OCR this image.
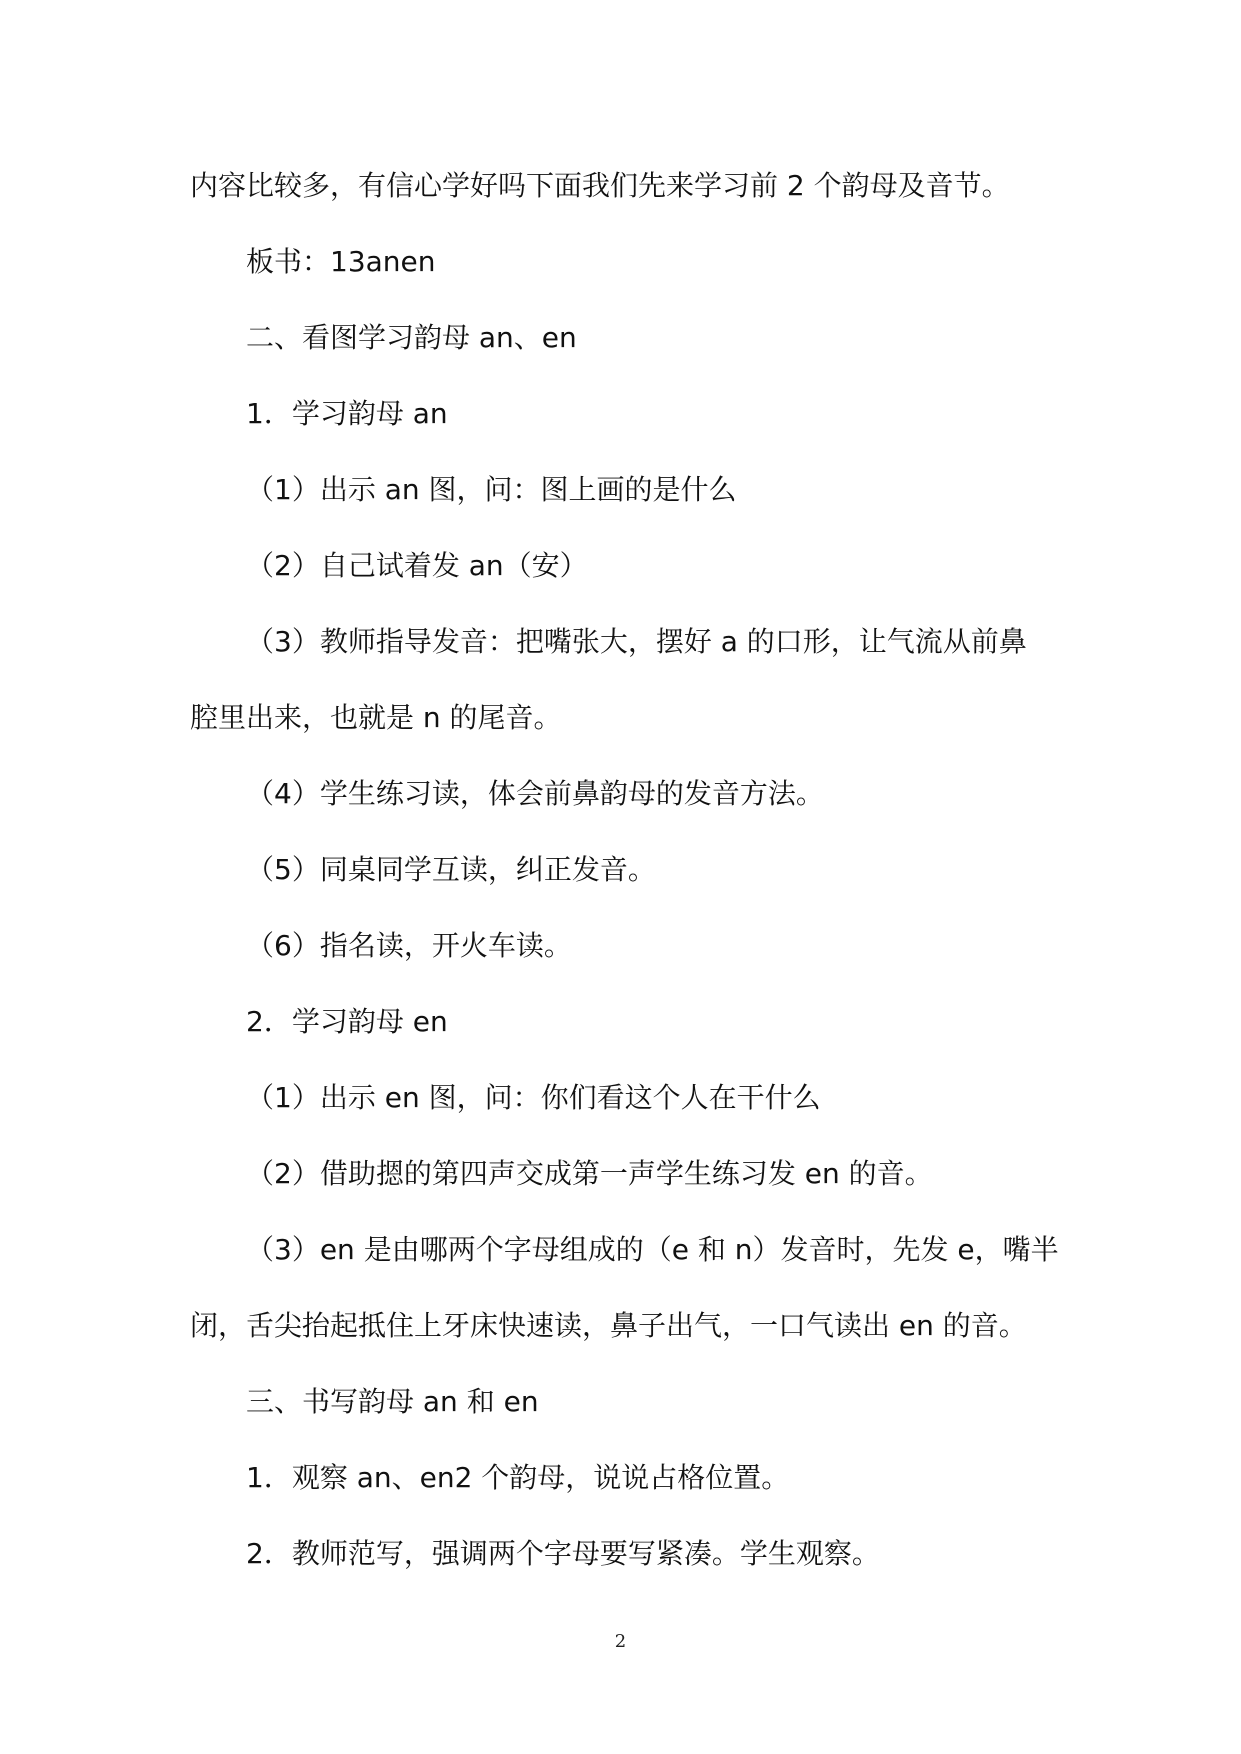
内容比较多，有信心学好吗下面我们先来学习前 2 个韵母及音节。

板书：13anen

二、看图学习韵母 an、en

1．学习韵母 an

（1）出示 an 图，问：图上画的是什么

（2）自己试着发 an（安）

（3）教师指导发音：把嘴张大，摆好 a 的口形，让气流从前鼻

腔里出来，也就是 n 的尾音。

（4）学生练习读，体会前鼻韵母的发音方法。

（5）同桌同学互读，纠正发音。

（6）指名读，开火车读。

2．学习韵母 en

（1）出示 en 图，问：你们看这个人在干什么

（2）借助摁的第四声交成第一声学生练习发 en 的音。

（3）en 是由哪两个字母组成的（e 和 n）发音时，先发 e，嘴半

闭，舌尖抬起抵住上牙床快速读，鼻子出气，一口气读出 en 的音。

三、书写韵母 an 和 en

1．观察 an、en2 个韵母，说说占格位置。

2．教师范写，强调两个字母要写紧凑。学生观察。

2
